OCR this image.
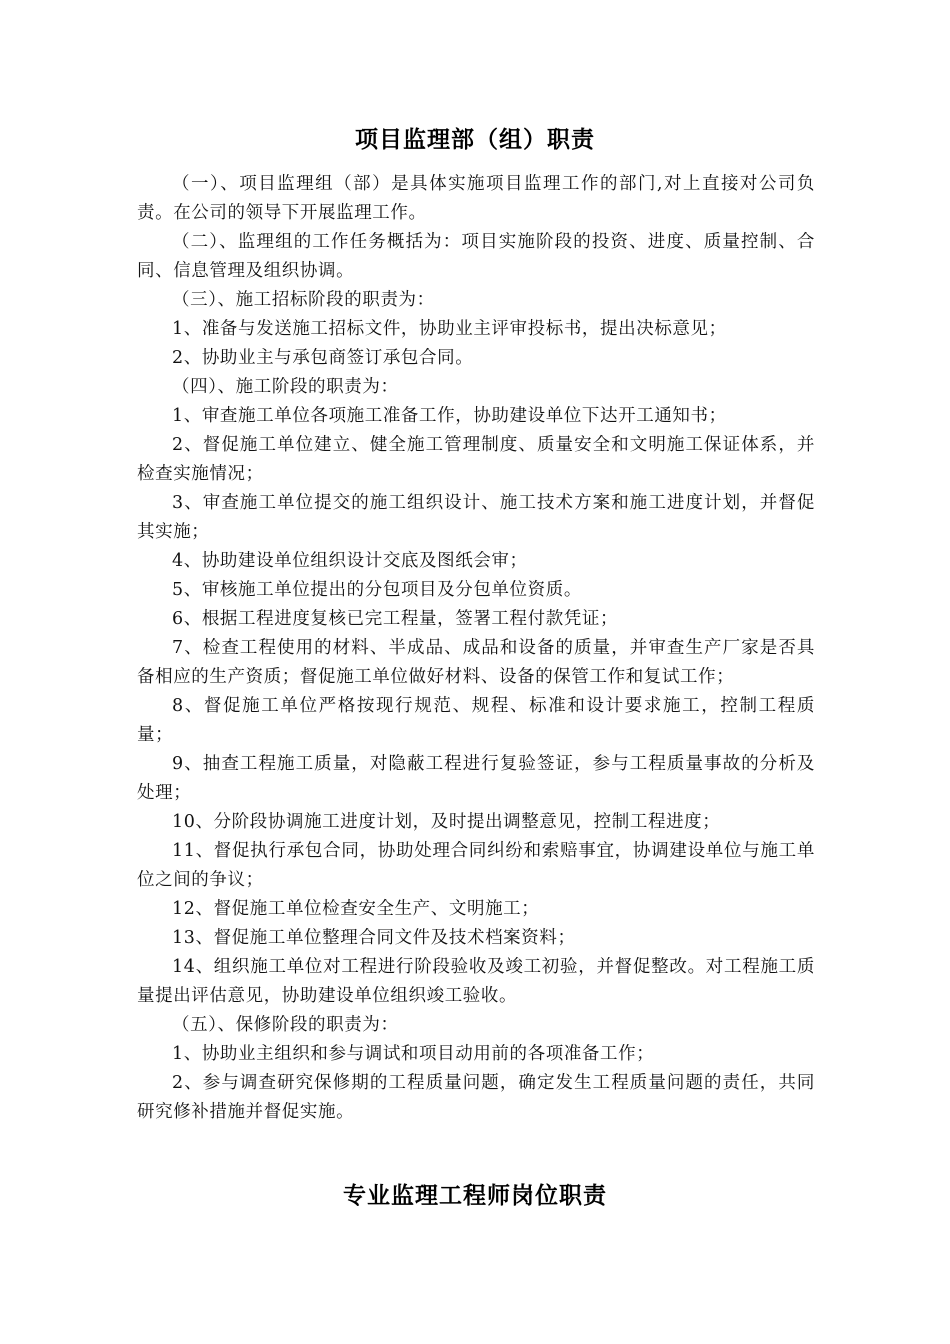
项目监理部（组）职责

（一）、项目监理组（部）是具体实施项目监理工作的部门,对上直接对公司负责。在公司的领导下开展监理工作。

（二）、监理组的工作任务概括为：项目实施阶段的投资、进度、质量控制、合同、信息管理及组织协调。

（三）、施工招标阶段的职责为：

1、准备与发送施工招标文件，协助业主评审投标书，提出决标意见；

2、协助业主与承包商签订承包合同。

（四）、施工阶段的职责为：

1、审查施工单位各项施工准备工作，协助建设单位下达开工通知书；

2、督促施工单位建立、健全施工管理制度、质量安全和文明施工保证体系，并检查实施情况；

3、审查施工单位提交的施工组织设计、施工技术方案和施工进度计划，并督促其实施；

4、协助建设单位组织设计交底及图纸会审；

5、审核施工单位提出的分包项目及分包单位资质。

6、根据工程进度复核已完工程量，签署工程付款凭证；

7、检查工程使用的材料、半成品、成品和设备的质量，并审查生产厂家是否具备相应的生产资质；督促施工单位做好材料、设备的保管工作和复试工作；

8、督促施工单位严格按现行规范、规程、标准和设计要求施工，控制工程质量；

9、抽查工程施工质量，对隐蔽工程进行复验签证，参与工程质量事故的分析及处理；

10、分阶段协调施工进度计划，及时提出调整意见，控制工程进度；

11、督促执行承包合同，协助处理合同纠纷和索赔事宜，协调建设单位与施工单位之间的争议；

12、督促施工单位检查安全生产、文明施工；

13、督促施工单位整理合同文件及技术档案资料；

14、组织施工单位对工程进行阶段验收及竣工初验，并督促整改。对工程施工质量提出评估意见，协助建设单位组织竣工验收。

（五）、保修阶段的职责为：

1、协助业主组织和参与调试和项目动用前的各项准备工作；

2、参与调查研究保修期的工程质量问题，确定发生工程质量问题的责任，共同研究修补措施并督促实施。

专业监理工程师岗位职责
